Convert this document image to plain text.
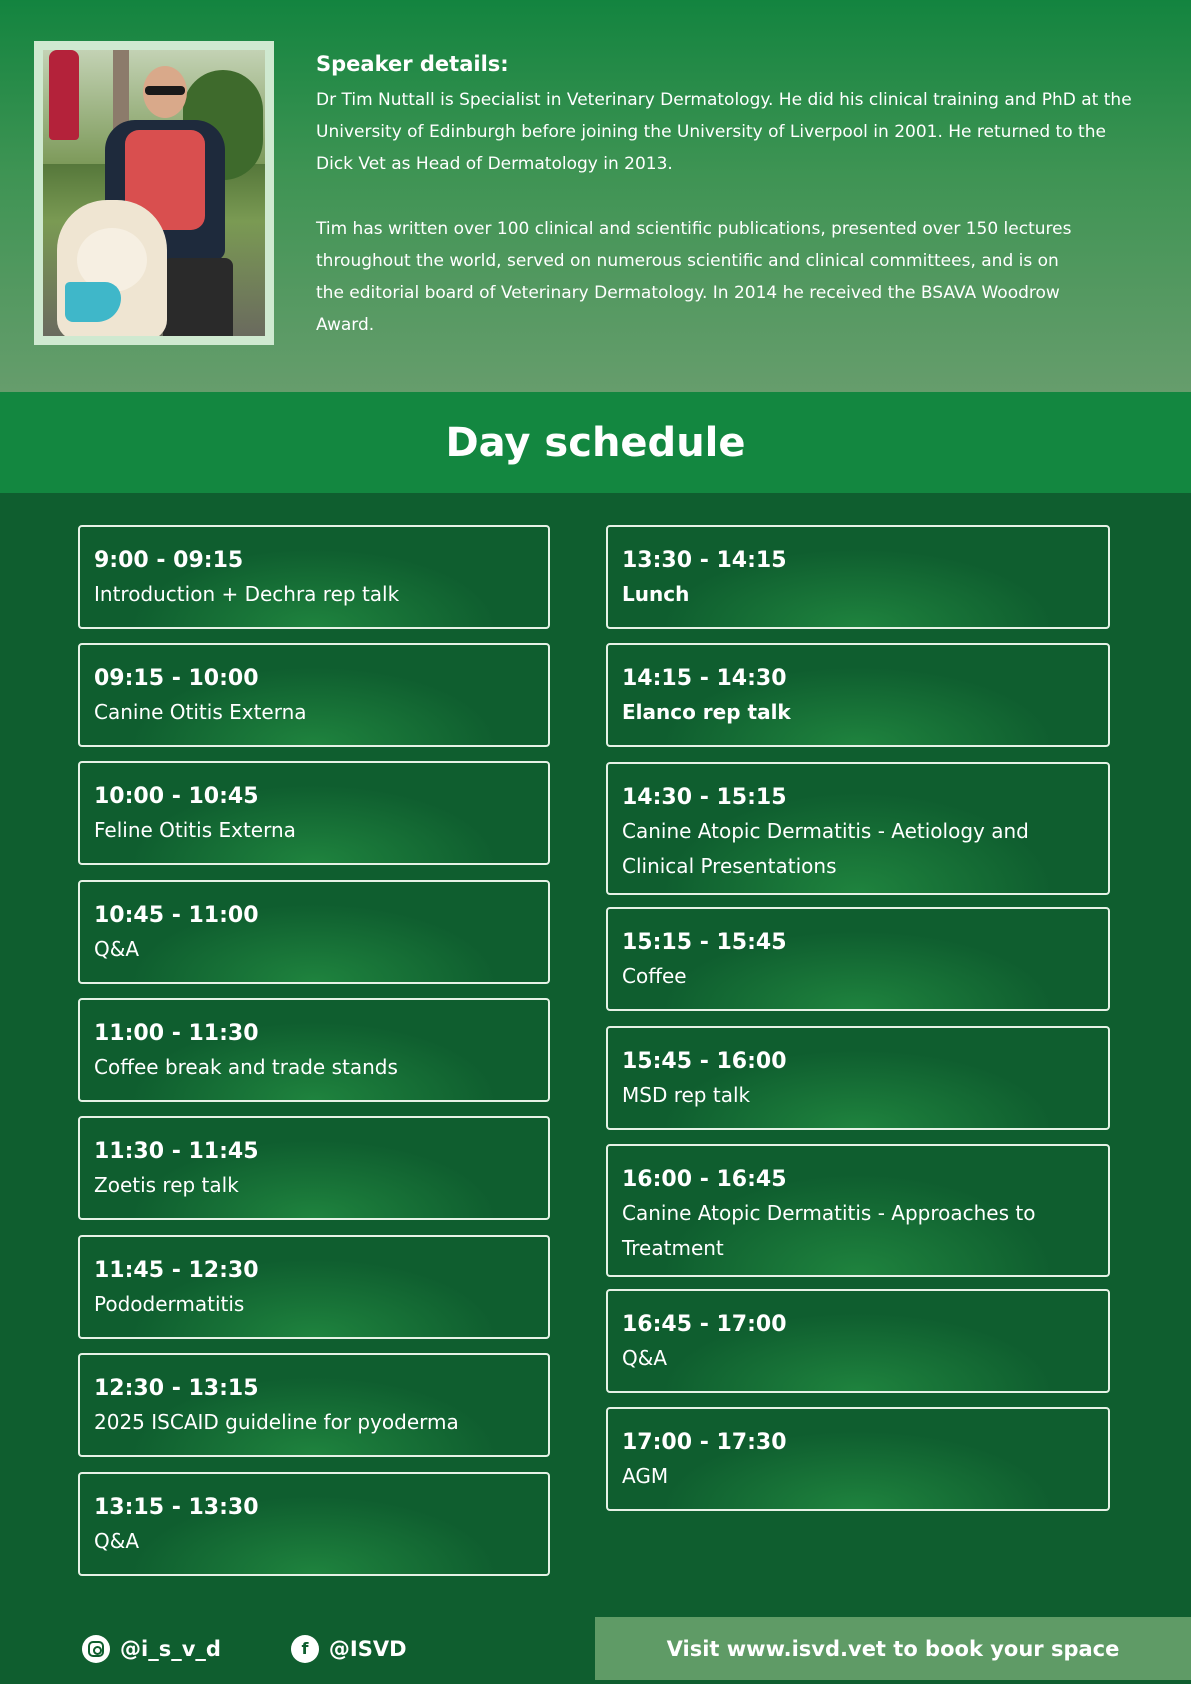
Speaker details:

Dr Tim Nuttall is Specialist in Veterinary Dermatology. He did his clinical training and PhD at the University of Edinburgh before joining the University of Liverpool in 2001. He returned to the Dick Vet as Head of Dermatology in 2013.

Tim has written over 100 clinical and scientific publications, presented over 150 lectures throughout the world, served on numerous scientific and clinical committees, and is on the editorial board of Veterinary Dermatology. In 2014 he received the BSAVA Woodrow Award.

Day schedule
9:00 - 09:15
Introduction + Dechra rep talk
09:15 - 10:00
Canine Otitis Externa
10:00 - 10:45
Feline Otitis Externa
10:45 - 11:00
Q&A
11:00 - 11:30
Coffee break and trade stands
11:30 - 11:45
Zoetis rep talk
11:45 - 12:30
Pododermatitis
12:30 - 13:15
2025 ISCAID guideline for pyoderma
13:15 - 13:30
Q&A
13:30 - 14:15
Lunch
14:15 - 14:30
Elanco rep talk
14:30 - 15:15
Canine Atopic Dermatitis - Aetiology and Clinical Presentations
15:15 - 15:45
Coffee
15:45 - 16:00
MSD rep talk
16:00 - 16:45
Canine Atopic Dermatitis - Approaches to Treatment
16:45 - 17:00
Q&A
17:00 - 17:30
AGM
@i_s_v_d	f @ISVD	Visit www.isvd.vet to book your space
